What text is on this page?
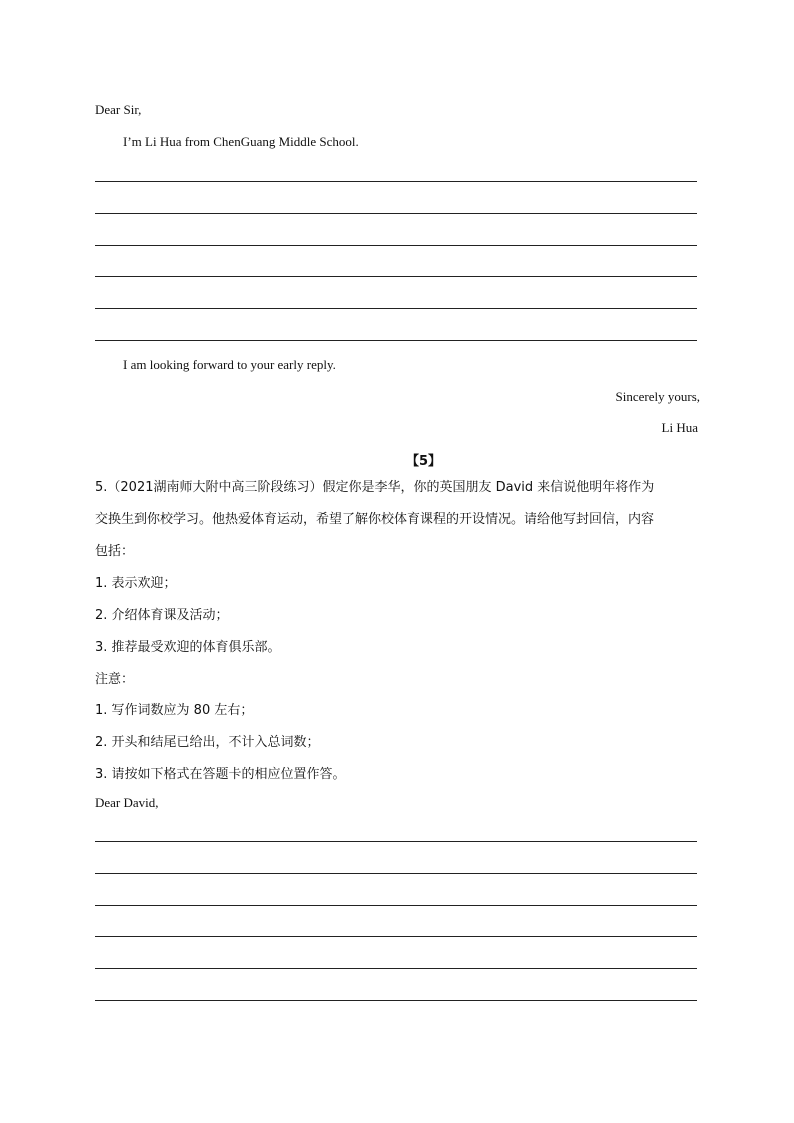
Dear Sir,
I’m Li Hua from ChenGuang Middle School.
I am looking forward to your early reply.
Sincerely yours,
Li Hua
【5】
5.（2021湖南师大附中高三阶段练习）假定你是李华，你的英国朋友 David 来信说他明年将作为
交换生到你校学习。他热爱体育运动，希望了解你校体育课程的开设情况。请给他写封回信，内容
包括：
1. 表示欢迎；
2. 介绍体育课及活动；
3. 推荐最受欢迎的体育俱乐部。
注意：
1. 写作词数应为 80 左右；
2. 开头和结尾已给出，不计入总词数；
3. 请按如下格式在答题卡的相应位置作答。
Dear David,
